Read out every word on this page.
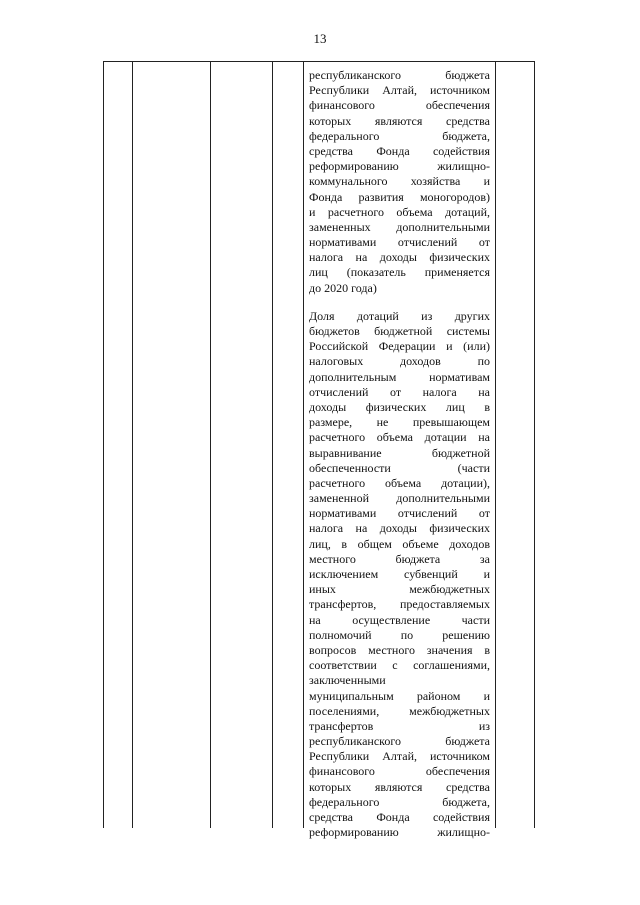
13
республиканского бюджета
Республики Алтай, источником
финансового обеспечения
которых являются средства
федерального бюджета,
средства Фонда содействия
реформированию жилищно-
коммунального хозяйства и
Фонда развития моногородов)
и расчетного объема дотаций,
замененных дополнительными
нормативами отчислений от
налога на доходы физических
лиц (показатель применяется
до 2020 года)
Доля дотаций из других
бюджетов бюджетной системы
Российской Федерации и (или)
налоговых доходов по
дополнительным нормативам
отчислений от налога на
доходы физических лиц в
размере, не превышающем
расчетного объема дотации на
выравнивание бюджетной
обеспеченности (части
расчетного объема дотации),
замененной дополнительными
нормативами отчислений от
налога на доходы физических
лиц, в общем объеме доходов
местного бюджета за
исключением субвенций и
иных межбюджетных
трансфертов, предоставляемых
на осуществление части
полномочий по решению
вопросов местного значения в
соответствии с соглашениями,
заключенными
муниципальным районом и
поселениями, межбюджетных
трансфертов из
республиканского бюджета
Республики Алтай, источником
финансового обеспечения
которых являются средства
федерального бюджета,
средства Фонда содействия
реформированию жилищно-
